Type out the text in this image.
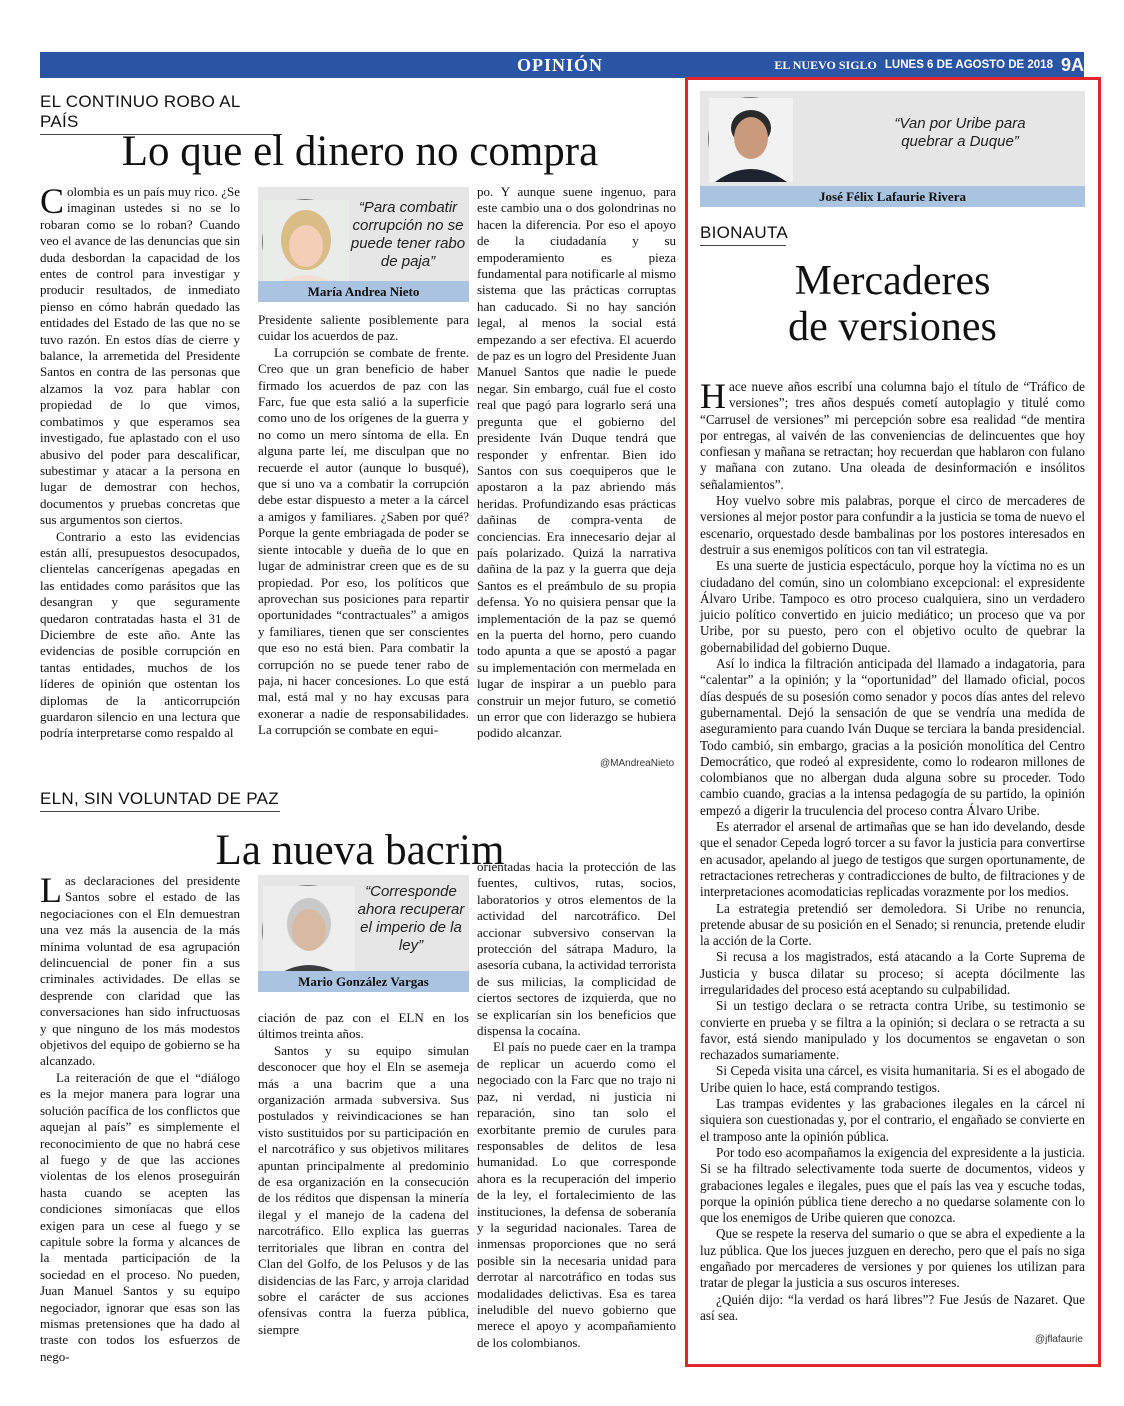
OPINIÓN	EL NUEVO SIGLO LUNES 6 DE AGOSTO DE 2018 9A
EL CONTINUO ROBO AL PAÍS
Lo que el dinero no compra

Colombia es un país muy rico. ¿Se imaginan ustedes si no se lo robaran como se lo roban? Cuando veo el avance de las denuncias que sin duda desbordan la capacidad de los entes de control para investigar y producir resultados, de inmediato pienso en cómo habrán quedado las entidades del Estado de las que no se tuvo razón. En estos días de cierre y balance, la arremetida del Presidente Santos en contra de las personas que alzamos la voz para hablar con propiedad de lo que vimos, combatimos y que esperamos sea investigado, fue aplastado con el uso abusivo del poder para descalificar, subestimar y atacar a la persona en lugar de demostrar con hechos, documentos y pruebas concretas que sus argumentos son ciertos.

Contrario a esto las evidencias están allí, presupuestos desocupados, clientelas cancerígenas apegadas en las entidades como parásitos que las desangran y que seguramente quedaron contratadas hasta el 31 de Diciembre de este año. Ante las evidencias de posible corrupción en tantas entidades, muchos de los líderes de opinión que ostentan los diplomas de la anticorrupción guardaron silencio en una lectura que podría interpretarse como respaldo al

“Para combatir corrupción no se puede tener rabo de paja”
María Andrea Nieto

Presidente saliente posiblemente para cuidar los acuerdos de paz.

La corrupción se combate de frente. Creo que un gran beneficio de haber firmado los acuerdos de paz con las Farc, fue que esta salió a la superficie como uno de los orígenes de la guerra y no como un mero síntoma de ella. En alguna parte leí, me disculpan que no recuerde el autor (aunque lo busqué), que si uno va a combatir la corrupción debe estar dispuesto a meter a la cárcel a amigos y familiares. ¿Saben por qué? Porque la gente embriagada de poder se siente intocable y dueña de lo que en lugar de administrar creen que es de su propiedad. Por eso, los políticos que aprovechan sus posiciones para repartir oportunidades “contractuales” a amigos y familiares, tienen que ser conscientes que eso no está bien. Para combatir la corrupción no se puede tener rabo de paja, ni hacer concesiones. Lo que está mal, está mal y no hay excusas para exonerar a nadie de responsabilidades. La corrupción se combate en equi-

po. Y aunque suene ingenuo, para este cambio una o dos golondrinas no hacen la diferencia. Por eso el apoyo de la ciudadanía y su empoderamiento es pieza fundamental para notificarle al mismo sistema que las prácticas corruptas han caducado. Si no hay sanción legal, al menos la social está empezando a ser efectiva. El acuerdo de paz es un logro del Presidente Juan Manuel Santos que nadie le puede negar. Sin embargo, cuál fue el costo real que pagó para lograrlo será una pregunta que el gobierno del presidente Iván Duque tendrá que responder y enfrentar. Bien ido Santos con sus coequiperos que le apostaron a la paz abriendo más heridas. Profundizando esas prácticas dañinas de compra-venta de conciencias. Era innecesario dejar al país polarizado. Quizá la narrativa dañina de la paz y la guerra que deja Santos es el preámbulo de su propia defensa. Yo no quisiera pensar que la implementación de la paz se quemó en la puerta del horno, pero cuando todo apunta a que se apostó a pagar su implementación con mermelada en lugar de inspirar a un pueblo para construir un mejor futuro, se cometió un error que con liderazgo se hubiera podido alcanzar.

@MAndreaNieto
ELN, SIN VOLUNTAD DE PAZ
La nueva bacrim

Las declaraciones del presidente Santos sobre el estado de las negociaciones con el Eln demuestran una vez más la ausencia de la más mínima voluntad de esa agrupación delincuencial de poner fin a sus criminales actividades. De ellas se desprende con claridad que las conversaciones han sido infructuosas y que ninguno de los más modestos objetivos del equipo de gobierno se ha alcanzado.

La reiteración de que el “diálogo es la mejor manera para lograr una solución pacífica de los conflictos que aquejan al país” es simplemente el reconocimiento de que no habrá cese al fuego y de que las acciones violentas de los elenos proseguirán hasta cuando se acepten las condiciones simoníacas que ellos exigen para un cese al fuego y se capitule sobre la forma y alcances de la mentada participación de la sociedad en el proceso. No pueden, Juan Manuel Santos y su equipo negociador, ignorar que esas son las mismas pretensiones que ha dado al traste con todos los esfuerzos de nego-

“Corresponde ahora recuperar el imperio de la ley”
Mario González Vargas

ciación de paz con el ELN en los últimos treinta años.

Santos y su equipo simulan desconocer que hoy el Eln se asemeja más a una bacrim que a una organización armada subversiva. Sus postulados y reivindicaciones se han visto sustituidos por su participación en el narcotráfico y sus objetivos militares apuntan principalmente al predominio de esa organización en la consecución de los réditos que dispensan la minería ilegal y el manejo de la cadena del narcotráfico. Ello explica las guerras territoriales que libran en contra del Clan del Golfo, de los Pelusos y de las disidencias de las Farc, y arroja claridad sobre el carácter de sus acciones ofensivas contra la fuerza pública, siempre

orientadas hacia la protección de las fuentes, cultivos, rutas, socios, laboratorios y otros elementos de la actividad del narcotráfico. Del accionar subversivo conservan la protección del sátrapa Maduro, la asesoría cubana, la actividad terrorista de sus milicias, la complicidad de ciertos sectores de izquierda, que no se explicarían sin los beneficios que dispensa la cocaína.

El país no puede caer en la trampa de replicar un acuerdo como el negociado con la Farc que no trajo ni paz, ni verdad, ni justicia ni reparación, sino tan solo el exorbitante premio de curules para responsables de delitos de lesa humanidad. Lo que corresponde ahora es la recuperación del imperio de la ley, el fortalecimiento de las instituciones, la defensa de soberanía y la seguridad nacionales. Tarea de inmensas proporciones que no será posible sin la necesaria unidad para derrotar al narcotráfico en todas sus modalidades delictivas. Esa es tarea ineludible del nuevo gobierno que merece el apoyo y acompañamiento de los colombianos.

“Van por Uribe para quebrar a Duque”
José Félix Lafaurie Rivera
BIONAUTA
Mercaderes
de versiones

Hace nueve años escribí una columna bajo el título de “Tráfico de versiones”; tres años después cometí autoplagio y titulé como “Carrusel de versiones” mi percepción sobre esa realidad “de mentira por entregas, al vaivén de las conveniencias de delincuentes que hoy confiesan y mañana se retractan; hoy recuerdan que hablaron con fulano y mañana con zutano. Una oleada de desinformación e insólitos señalamientos”.

Hoy vuelvo sobre mis palabras, porque el circo de mercaderes de versiones al mejor postor para confundir a la justicia se toma de nuevo el escenario, orquestado desde bambalinas por los postores interesados en destruir a sus enemigos políticos con tan vil estrategia.

Es una suerte de justicia espectáculo, porque hoy la víctima no es un ciudadano del común, sino un colombiano excepcional: el expresidente Álvaro Uribe. Tampoco es otro proceso cualquiera, sino un verdadero juicio político convertido en juicio mediático; un proceso que va por Uribe, por su puesto, pero con el objetivo oculto de quebrar la gobernabilidad del gobierno Duque.

Así lo indica la filtración anticipada del llamado a indagatoria, para “calentar” a la opinión; y la “oportunidad” del llamado oficial, pocos días después de su posesión como senador y pocos días antes del relevo gubernamental. Dejó la sensación de que se vendría una medida de aseguramiento para cuando Iván Duque se terciara la banda presidencial. Todo cambió, sin embargo, gracias a la posición monolítica del Centro Democrático, que rodeó al expresidente, como lo rodearon millones de colombianos que no albergan duda alguna sobre su proceder. Todo cambio cuando, gracias a la intensa pedagogía de su partido, la opinión empezó a digerir la truculencia del proceso contra Álvaro Uribe.

Es aterrador el arsenal de artimañas que se han ido develando, desde que el senador Cepeda logró torcer a su favor la justicia para convertirse en acusador, apelando al juego de testigos que surgen oportunamente, de retractaciones retrecheras y contradicciones de bulto, de filtraciones y de interpretaciones acomodaticias replicadas vorazmente por los medios.

La estrategia pretendió ser demoledora. Si Uribe no renuncia, pretende abusar de su posición en el Senado; si renuncia, pretende eludir la acción de la Corte.

Si recusa a los magistrados, está atacando a la Corte Suprema de Justicia y busca dilatar su proceso; si acepta dócilmente las irregularidades del proceso está aceptando su culpabilidad.

Si un testigo declara o se retracta contra Uribe, su testimonio se convierte en prueba y se filtra a la opinión; si declara o se retracta a su favor, está siendo manipulado y los documentos se engavetan o son rechazados sumariamente.

Si Cepeda visita una cárcel, es visita humanitaria. Si es el abogado de Uribe quien lo hace, está comprando testigos.

Las trampas evidentes y las grabaciones ilegales en la cárcel ni siquiera son cuestionadas y, por el contrario, el engañado se convierte en el tramposo ante la opinión pública.

Por todo eso acompañamos la exigencia del expresidente a la justicia. Si se ha filtrado selectivamente toda suerte de documentos, videos y grabaciones legales e ilegales, pues que el país las vea y escuche todas, porque la opinión pública tiene derecho a no quedarse solamente con lo que los enemigos de Uribe quieren que conozca.

Que se respete la reserva del sumario o que se abra el expediente a la luz pública. Que los jueces juzguen en derecho, pero que el país no siga engañado por mercaderes de versiones y por quienes los utilizan para tratar de plegar la justicia a sus oscuros intereses.

¿Quién dijo: “la verdad os hará libres”? Fue Jesús de Nazaret. Que así sea.

@jflafaurie
